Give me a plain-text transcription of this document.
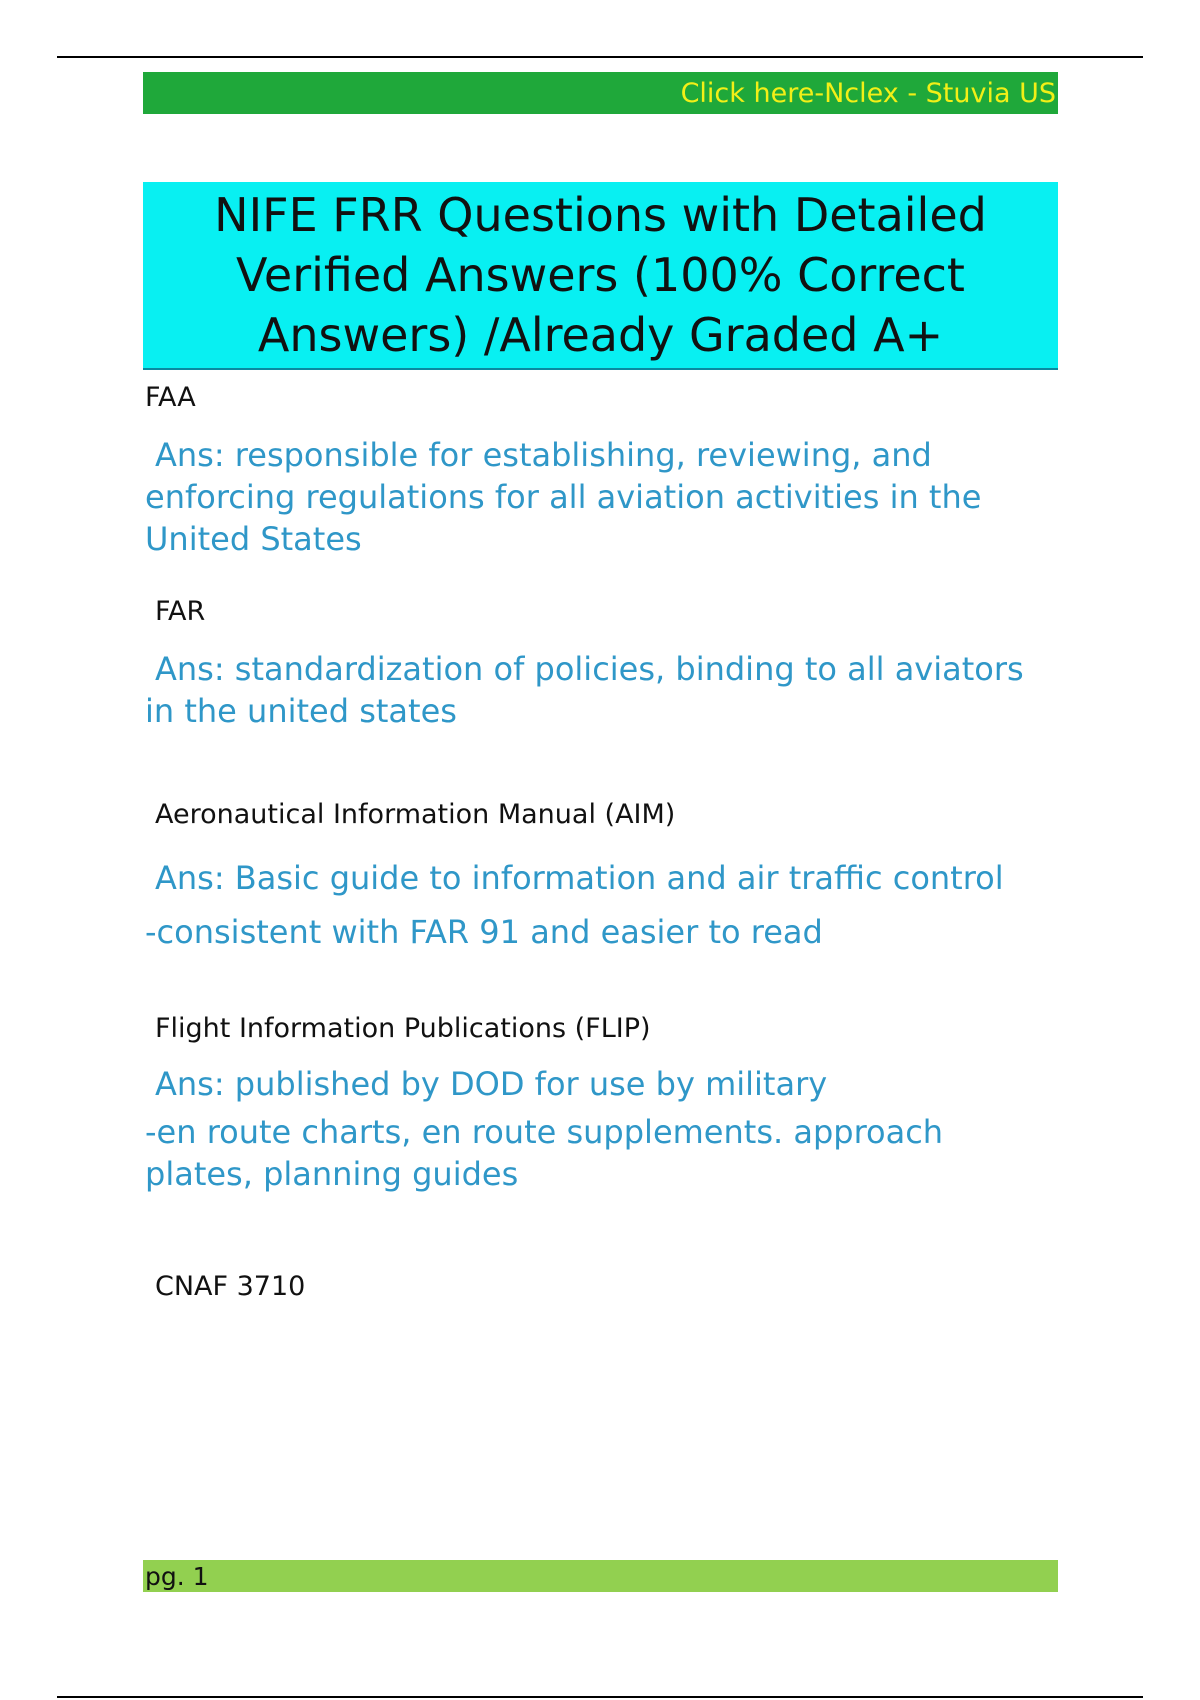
Click here-Nclex - Stuvia US
NIFE FRR Questions with Detailed Verified Answers (100% Correct Answers) /Already Graded A+

FAA

Ans: responsible for establishing, reviewing, and enforcing regulations for all aviation activities in the United States

FAR

Ans: standardization of policies, binding to all aviators in the united states

Aeronautical Information Manual (AIM)

Ans: Basic guide to information and air traffic control
-consistent with FAR 91 and easier to read

Flight Information Publications (FLIP)

Ans: published by DOD for use by military
-en route charts, en route supplements. approach plates, planning guides

CNAF 3710

pg. 1
